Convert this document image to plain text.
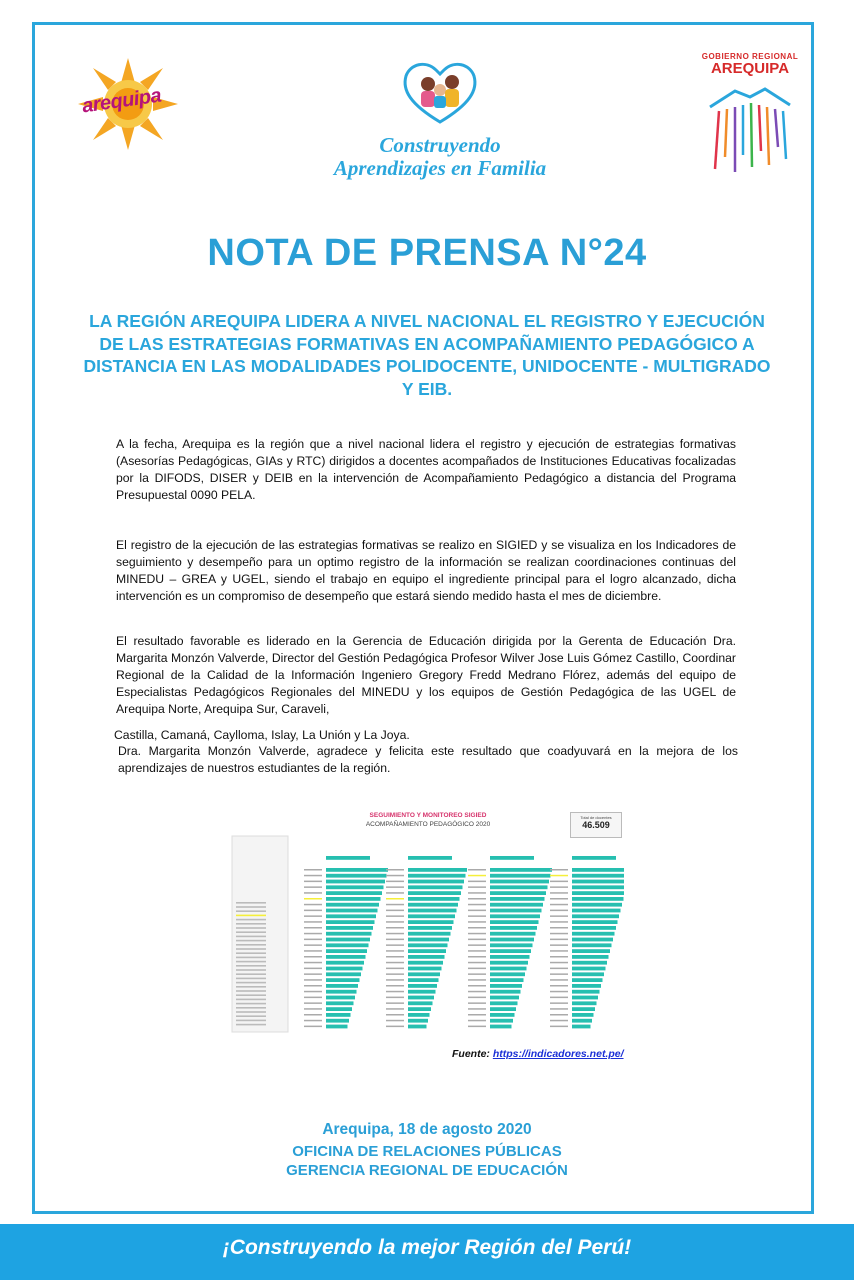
arequipa
Construyendo
Aprendizajes en Familia
GOBIERNO REGIONAL
AREQUIPA
NOTA DE PRENSA N°24
LA REGIÓN AREQUIPA LIDERA A NIVEL NACIONAL EL REGISTRO Y EJECUCIÓN DE LAS ESTRATEGIAS FORMATIVAS EN ACOMPAÑAMIENTO PEDAGÓGICO A DISTANCIA EN LAS MODALIDADES POLIDOCENTE, UNIDOCENTE - MULTIGRADO Y EIB.
A la fecha, Arequipa es la región que a nivel nacional lidera el registro y ejecución de estrategias formativas (Asesorías Pedagógicas, GIAs y RTC) dirigidos a docentes acompañados de Instituciones Educativas focalizadas por la DIFODS, DISER y DEIB en la intervención de Acompañamiento Pedagógico a distancia del Programa Presupuestal 0090 PELA.
El registro de la ejecución de las estrategias formativas se realizo en SIGIED y se visualiza en los Indicadores de seguimiento y desempeño para un optimo registro de la información se realizan coordinaciones continuas del MINEDU – GREA y UGEL, siendo el trabajo en equipo el ingrediente principal para el logro alcanzado, dicha intervención es un compromiso de desempeño que estará siendo medido hasta el mes de diciembre.
El resultado favorable es liderado en la Gerencia de Educación dirigida por la Gerenta de Educación Dra. Margarita Monzón Valverde, Director del Gestión Pedagógica Profesor Wilver Jose Luis Gómez Castillo, Coordinar Regional de la Calidad de la Información Ingeniero Gregory Fredd Medrano Flórez, además del equipo de Especialistas Pedagógicos Regionales del MINEDU y los equipos de Gestión Pedagógica de las UGEL de Arequipa Norte, Arequipa Sur, Caraveli,
Castilla, Camaná, Caylloma, Islay, La Unión y La Joya.
Dra. Margarita Monzón Valverde, agradece y felicita este resultado que coadyuvará en la mejora de los aprendizajes de nuestros estudiantes de la región.
SEGUIMIENTO Y MONITOREO SIGIED
ACOMPAÑAMIENTO PEDAGÓGICO 2020
Total de docentes
46.509
Fuente: https://indicadores.net.pe/
Arequipa, 18 de agosto 2020
OFICINA DE RELACIONES PÚBLICAS
GERENCIA REGIONAL DE EDUCACIÓN
¡Construyendo la mejor Región del Perú!
